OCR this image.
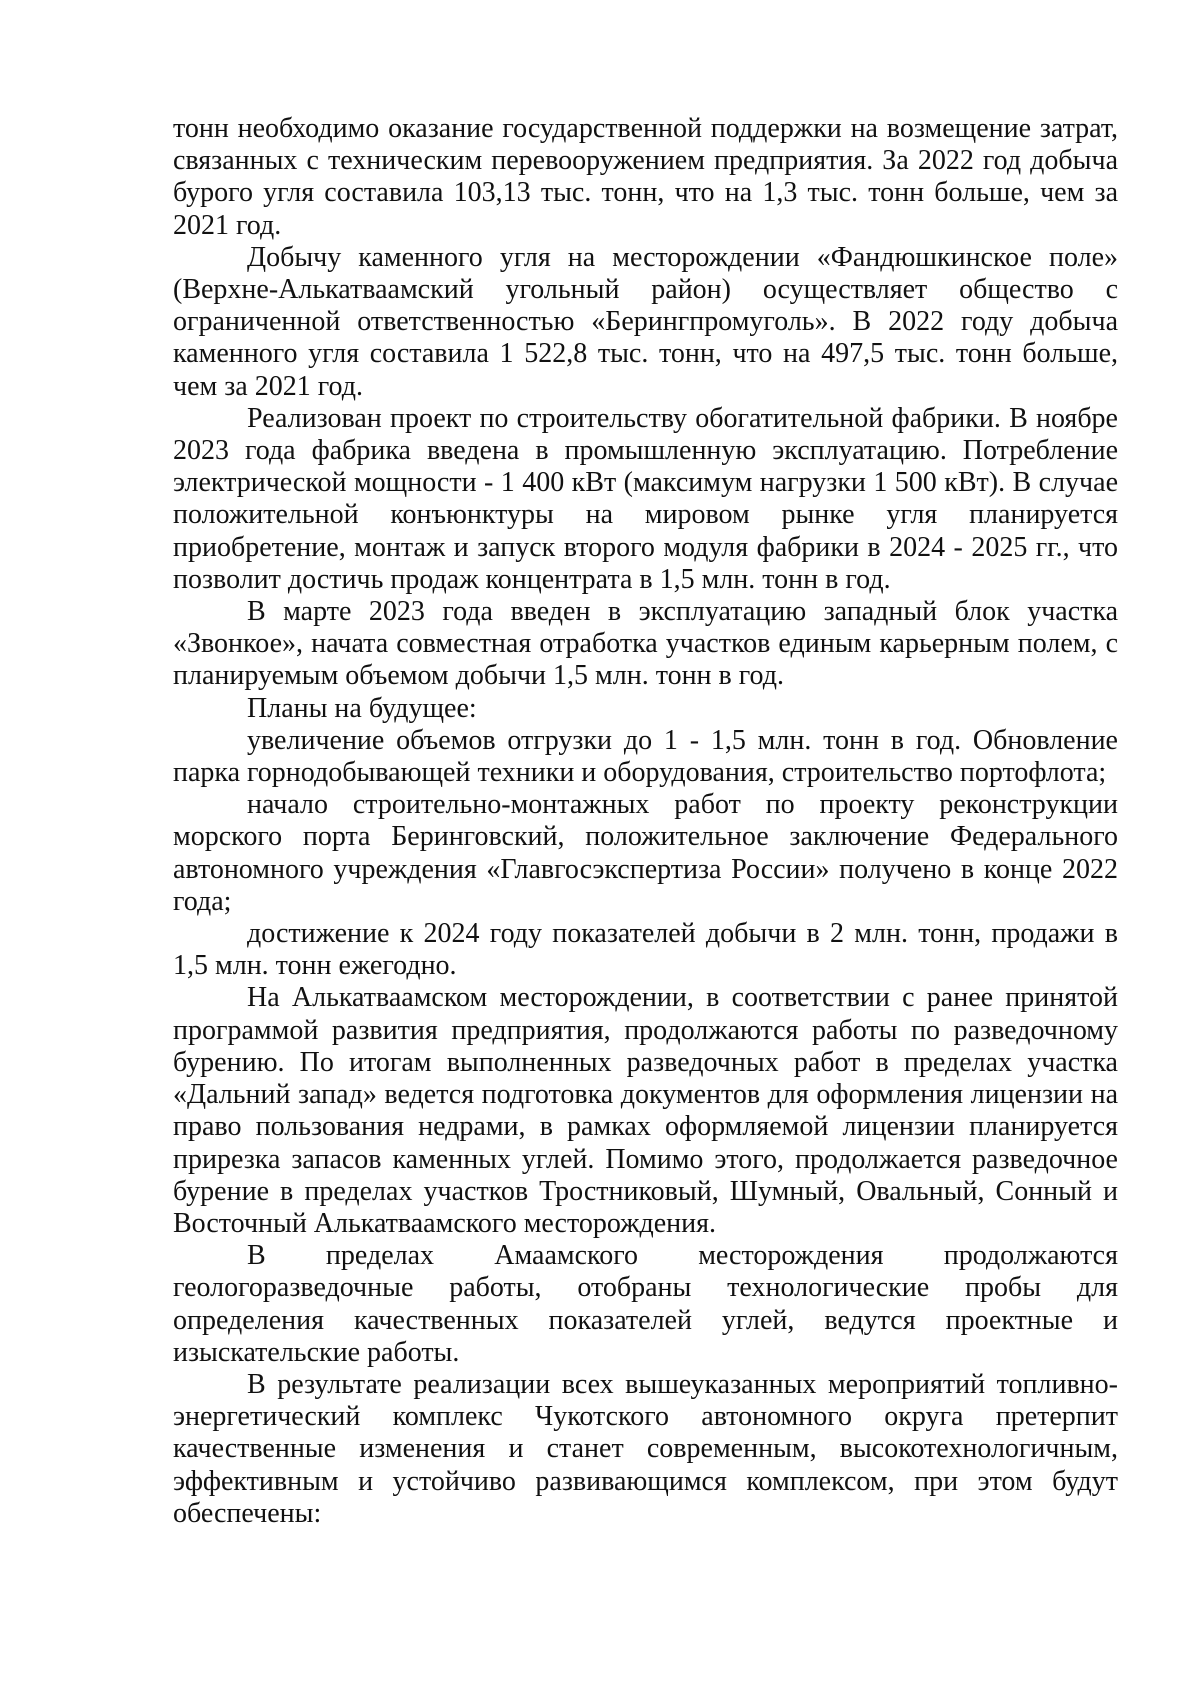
тонн необходимо оказание государственной поддержки на возмещение затрат, связанных с техническим перевооружением предприятия. За 2022 год добыча бурого угля составила 103,13 тыс. тонн, что на 1,3 тыс. тонн больше, чем за 2021 год.

Добычу каменного угля на месторождении «Фандюшкинское поле» (Верхне-Алькатваамский угольный район) осуществляет общество с ограниченной ответственностью «Берингпромуголь». В 2022 году добыча каменного угля составила 1 522,8 тыс. тонн, что на 497,5 тыс. тонн больше, чем за 2021 год.

Реализован проект по строительству обогатительной фабрики. В ноябре 2023 года фабрика введена в промышленную эксплуатацию. Потребление электрической мощности - 1 400 кВт (максимум нагрузки 1 500 кВт). В случае положительной конъюнктуры на мировом рынке угля планируется приобретение, монтаж и запуск второго модуля фабрики в 2024 - 2025 гг., что позволит достичь продаж концентрата в 1,5 млн. тонн в год.

В марте 2023 года введен в эксплуатацию западный блок участка «Звонкое», начата совместная отработка участков единым карьерным полем, с планируемым объемом добычи 1,5 млн. тонн в год.

Планы на будущее:

увеличение объемов отгрузки до 1 - 1,5 млн. тонн в год. Обновление парка горнодобывающей техники и оборудования, строительство портофлота;

начало строительно-монтажных работ по проекту реконструкции морского порта Беринговский, положительное заключение Федерального автономного учреждения «Главгосэкспертиза России» получено в конце 2022 года;

достижение к 2024 году показателей добычи в 2 млн. тонн, продажи в 1,5 млн. тонн ежегодно.

На Алькатваамском месторождении, в соответствии с ранее принятой программой развития предприятия, продолжаются работы по разведочному бурению. По итогам выполненных разведочных работ в пределах участка «Дальний запад» ведется подготовка документов для оформления лицензии на право пользования недрами, в рамках оформляемой лицензии планируется прирезка запасов каменных углей. Помимо этого, продолжается разведочное бурение в пределах участков Тростниковый, Шумный, Овальный, Сонный и Восточный Алькатваамского месторождения.

В пределах Амаамского месторождения продолжаются геологоразведочные работы, отобраны технологические пробы для определения качественных показателей углей, ведутся проектные и изыскательские работы.

В результате реализации всех вышеуказанных мероприятий топливно-энергетический комплекс Чукотского автономного округа претерпит качественные изменения и станет современным, высокотехнологичным, эффективным и устойчиво развивающимся комплексом, при этом будут обеспечены:
